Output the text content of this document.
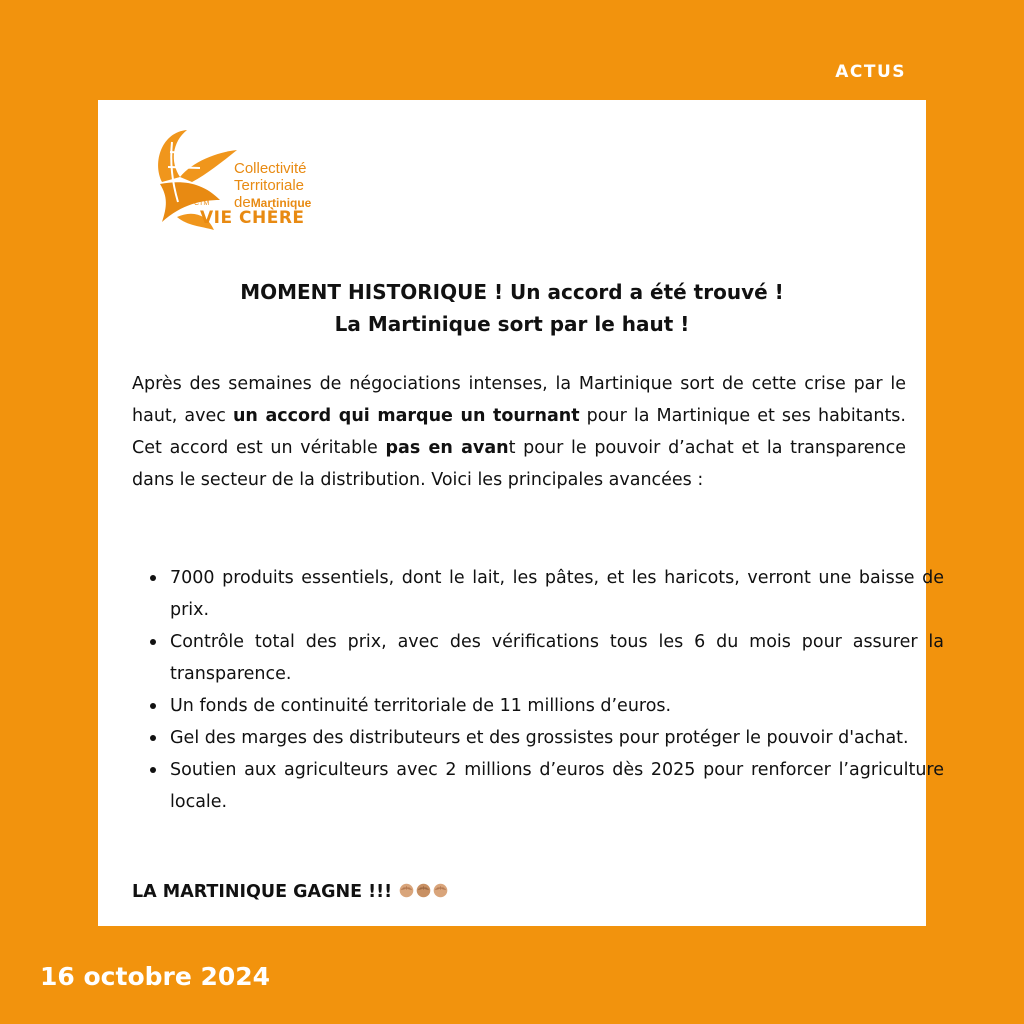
ACTUS
Collectivité
Territoriale
deMartinique
CTM
VIE CHÈRE
MOMENT HISTORIQUE ! Un accord a été trouvé !
La Martinique sort par le haut !
Après des semaines de négociations intenses, la Martinique sort de cette crise par le haut, avec un accord qui marque un tournant pour la Martinique et ses habitants. Cet accord est un véritable pas en avant pour le pouvoir d’achat et la transparence dans le secteur de la distribution. Voici les principales avancées :
7000 produits essentiels, dont le lait, les pâtes, et les haricots, verront une baisse de prix.
Contrôle total des prix, avec des vérifications tous les 6 du mois pour assurer la transparence.
Un fonds de continuité territoriale de 11 millions d’euros.
Gel des marges des distributeurs et des grossistes pour protéger le pouvoir d'achat.
Soutien aux agriculteurs avec 2 millions d’euros dès 2025 pour renforcer l’agriculture locale.
LA MARTINIQUE GAGNE !!!
16 octobre 2024
